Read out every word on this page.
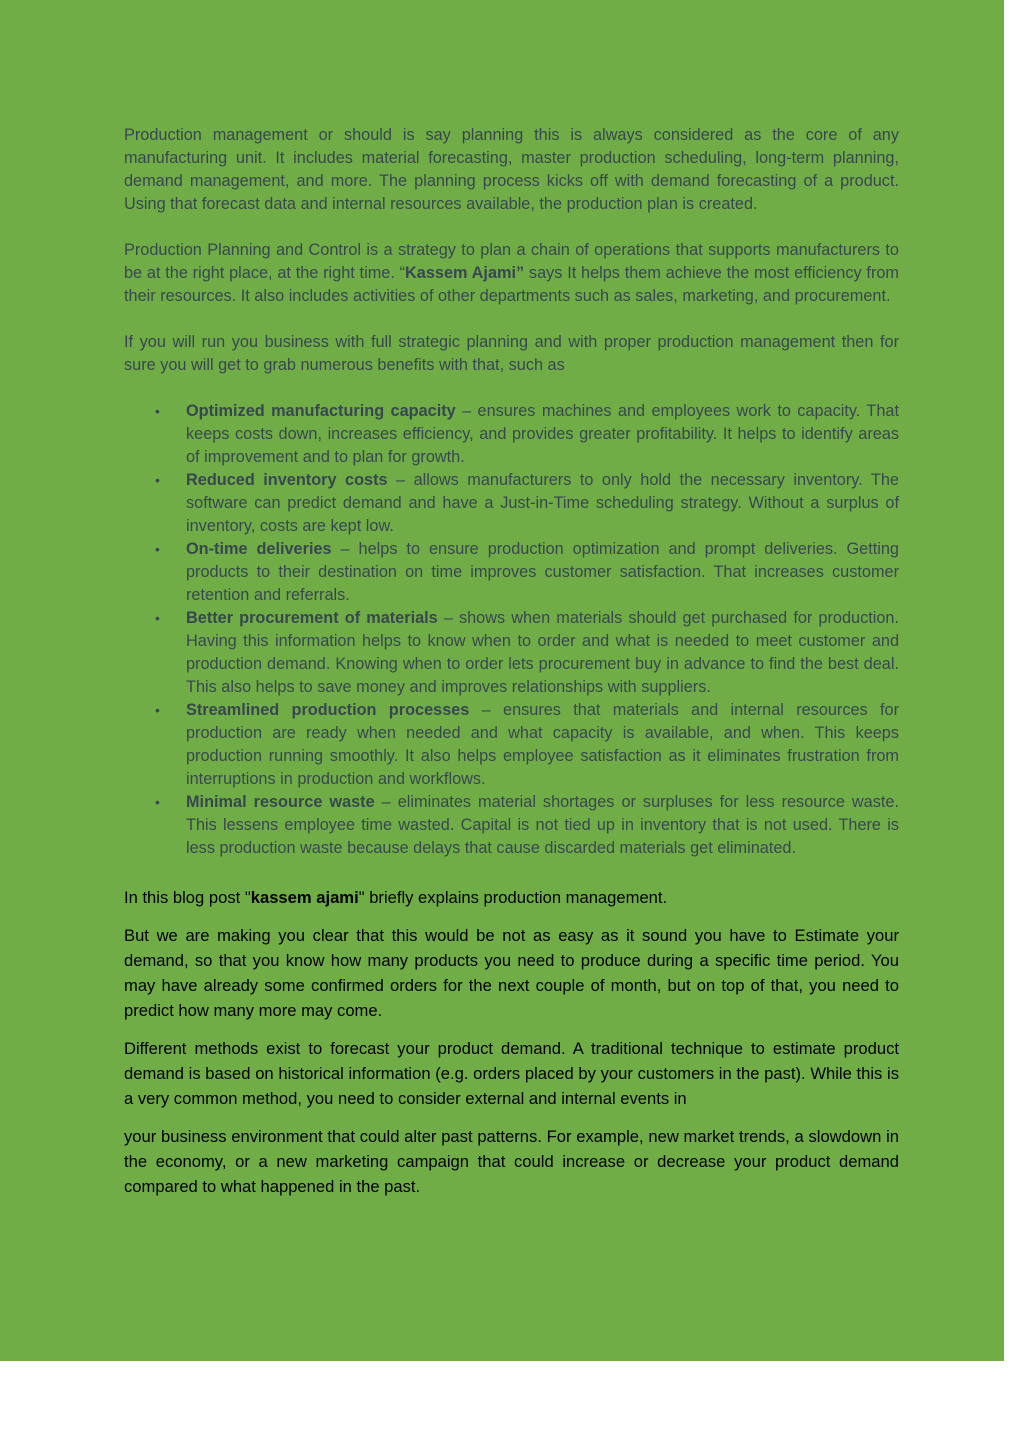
Production management or should is say planning this is always considered as the core of any manufacturing unit. It includes material forecasting, master production scheduling, long-term planning, demand management, and more. The planning process kicks off with demand forecasting of a product. Using that forecast data and internal resources available, the production plan is created.

Production Planning and Control is a strategy to plan a chain of operations that supports manufacturers to be at the right place, at the right time. “Kassem Ajami” says It helps them achieve the most efficiency from their resources. It also includes activities of other departments such as sales, marketing, and procurement.

If you will run you business with full strategic planning and with proper production management then for sure you will get to grab numerous benefits with that, such as

• Optimized manufacturing capacity – ensures machines and employees work to capacity. That keeps costs down, increases efficiency, and provides greater profitability. It helps to identify areas of improvement and to plan for growth.
• Reduced inventory costs – allows manufacturers to only hold the necessary inventory. The software can predict demand and have a Just-in-Time scheduling strategy. Without a surplus of inventory, costs are kept low.
• On-time deliveries – helps to ensure production optimization and prompt deliveries. Getting products to their destination on time improves customer satisfaction. That increases customer retention and referrals.
• Better procurement of materials – shows when materials should get purchased for production. Having this information helps to know when to order and what is needed to meet customer and production demand. Knowing when to order lets procurement buy in advance to find the best deal. This also helps to save money and improves relationships with suppliers.
• Streamlined production processes – ensures that materials and internal resources for production are ready when needed and what capacity is available, and when. This keeps production running smoothly. It also helps employee satisfaction as it eliminates frustration from interruptions in production and workflows.
• Minimal resource waste – eliminates material shortages or surpluses for less resource waste. This lessens employee time wasted. Capital is not tied up in inventory that is not used. There is less production waste because delays that cause discarded materials get eliminated.

In this blog post "kassem ajami" briefly explains production management.

But we are making you clear that this would be not as easy as it sound you have to Estimate your demand, so that you know how many products you need to produce during a specific time period. You may have already some confirmed orders for the next couple of month, but on top of that, you need to predict how many more may come.

Different methods exist to forecast your product demand. A traditional technique to estimate product demand is based on historical information (e.g. orders placed by your customers in the past). While this is a very common method, you need to consider external and internal events in

your business environment that could alter past patterns. For example, new market trends, a slowdown in the economy, or a new marketing campaign that could increase or decrease your product demand compared to what happened in the past.
